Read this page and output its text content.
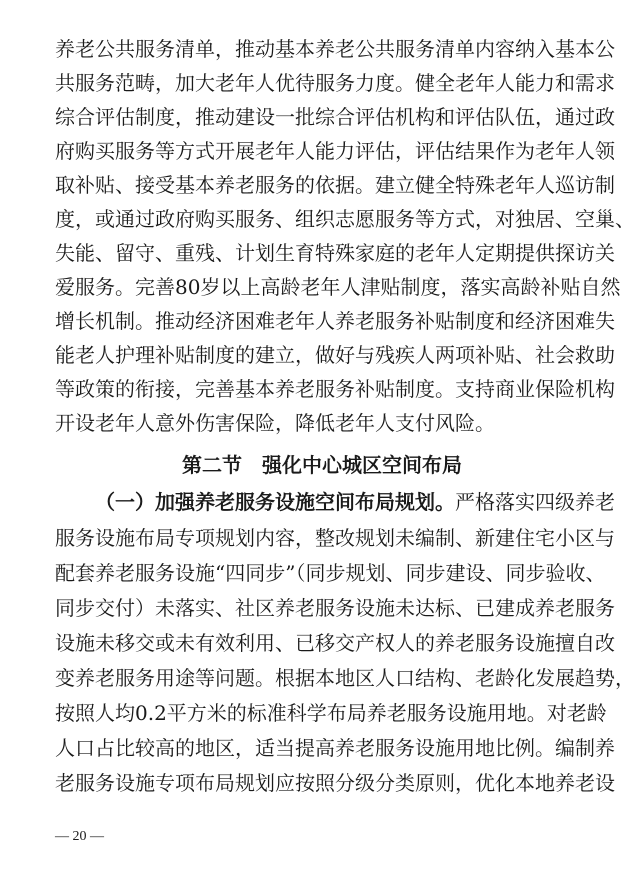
养老公共服务清单，推动基本养老公共服务清单内容纳入基本公
共服务范畴，加大老年人优待服务力度。健全老年人能力和需求
综合评估制度，推动建设一批综合评估机构和评估队伍，通过政
府购买服务等方式开展老年人能力评估，评估结果作为老年人领
取补贴、接受基本养老服务的依据。建立健全特殊老年人巡访制
度，或通过政府购买服务、组织志愿服务等方式，对独居、空巢、
失能、留守、重残、计划生育特殊家庭的老年人定期提供探访关
爱服务。完善80岁以上高龄老年人津贴制度，落实高龄补贴自然
增长机制。推动经济困难老年人养老服务补贴制度和经济困难失
能老人护理补贴制度的建立，做好与残疾人两项补贴、社会救助
等政策的衔接，完善基本养老服务补贴制度。支持商业保险机构
开设老年人意外伤害保险，降低老年人支付风险。
第二节　强化中心城区空间布局
（一）加强养老服务设施空间布局规划。严格落实四级养老
服务设施布局专项规划内容，整改规划未编制、新建住宅小区与
配套养老服务设施“四同步”（同步规划、同步建设、同步验收、
同步交付）未落实、社区养老服务设施未达标、已建成养老服务
设施未移交或未有效利用、已移交产权人的养老服务设施擅自改
变养老服务用途等问题。根据本地区人口结构、老龄化发展趋势，
按照人均0.2平方米的标准科学布局养老服务设施用地。对老龄
人口占比较高的地区，适当提高养老服务设施用地比例。编制养
老服务设施专项布局规划应按照分级分类原则，优化本地养老设
— 20 —
